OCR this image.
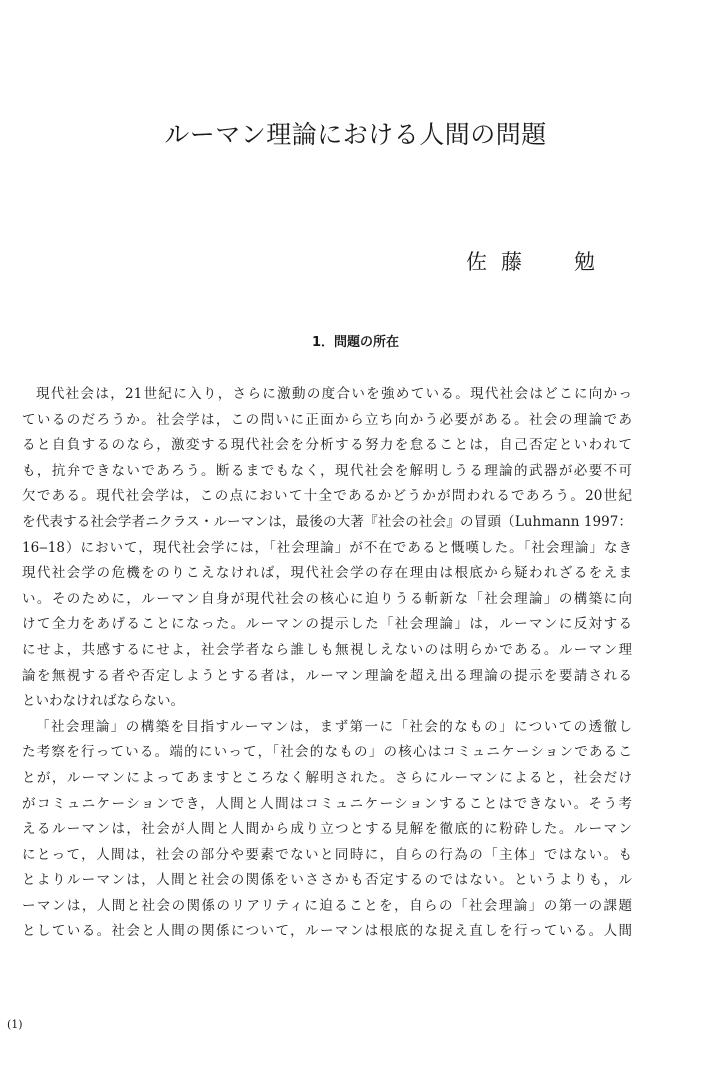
ルーマン理論における人間の問題
佐藤 勉
1．問題の所在
現代社会は，21世紀に入り，さらに激動の度合いを強めている。現代社会はどこに向かっ
ているのだろうか。社会学は，この問いに正面から立ち向かう必要がある。社会の理論であ
ると自負するのなら，激変する現代社会を分析する努力を怠ることは，自己否定といわれて
も，抗弁できないであろう。断るまでもなく，現代社会を解明しうる理論的武器が必要不可
欠である。現代社会学は，この点において十全であるかどうかが問われるであろう。20世紀
を代表する社会学者ニクラス・ルーマンは，最後の大著『社会の社会』の冒頭（Luhmann 1997：
16‒18）において，現代社会学には，「社会理論」が不在であると慨嘆した。「社会理論」なき
現代社会学の危機をのりこえなければ，現代社会学の存在理由は根底から疑われざるをえま
い。そのために，ルーマン自身が現代社会の核心に迫りうる斬新な「社会理論」の構築に向
けて全力をあげることになった。ルーマンの提示した「社会理論」は，ルーマンに反対する
にせよ，共感するにせよ，社会学者なら誰しも無視しえないのは明らかである。ルーマン理
論を無視する者や否定しようとする者は，ルーマン理論を超え出る理論の提示を要請される
といわなければならない。
「社会理論」の構築を目指すルーマンは，まず第一に「社会的なもの」についての透徹し
た考察を行っている。端的にいって，「社会的なもの」の核心はコミュニケーションであるこ
とが，ルーマンによってあますところなく解明された。さらにルーマンによると，社会だけ
がコミュニケーションでき，人間と人間はコミュニケーションすることはできない。そう考
えるルーマンは，社会が人間と人間から成り立つとする見解を徹底的に粉砕した。ルーマン
にとって，人間は，社会の部分や要素でないと同時に，自らの行為の「主体」ではない。も
とよりルーマンは，人間と社会の関係をいささかも否定するのではない。というよりも，ル
ーマンは，人間と社会の関係のリアリティに迫ることを，自らの「社会理論」の第一の課題
としている。社会と人間の関係について，ルーマンは根底的な捉え直しを行っている。人間

(1)
